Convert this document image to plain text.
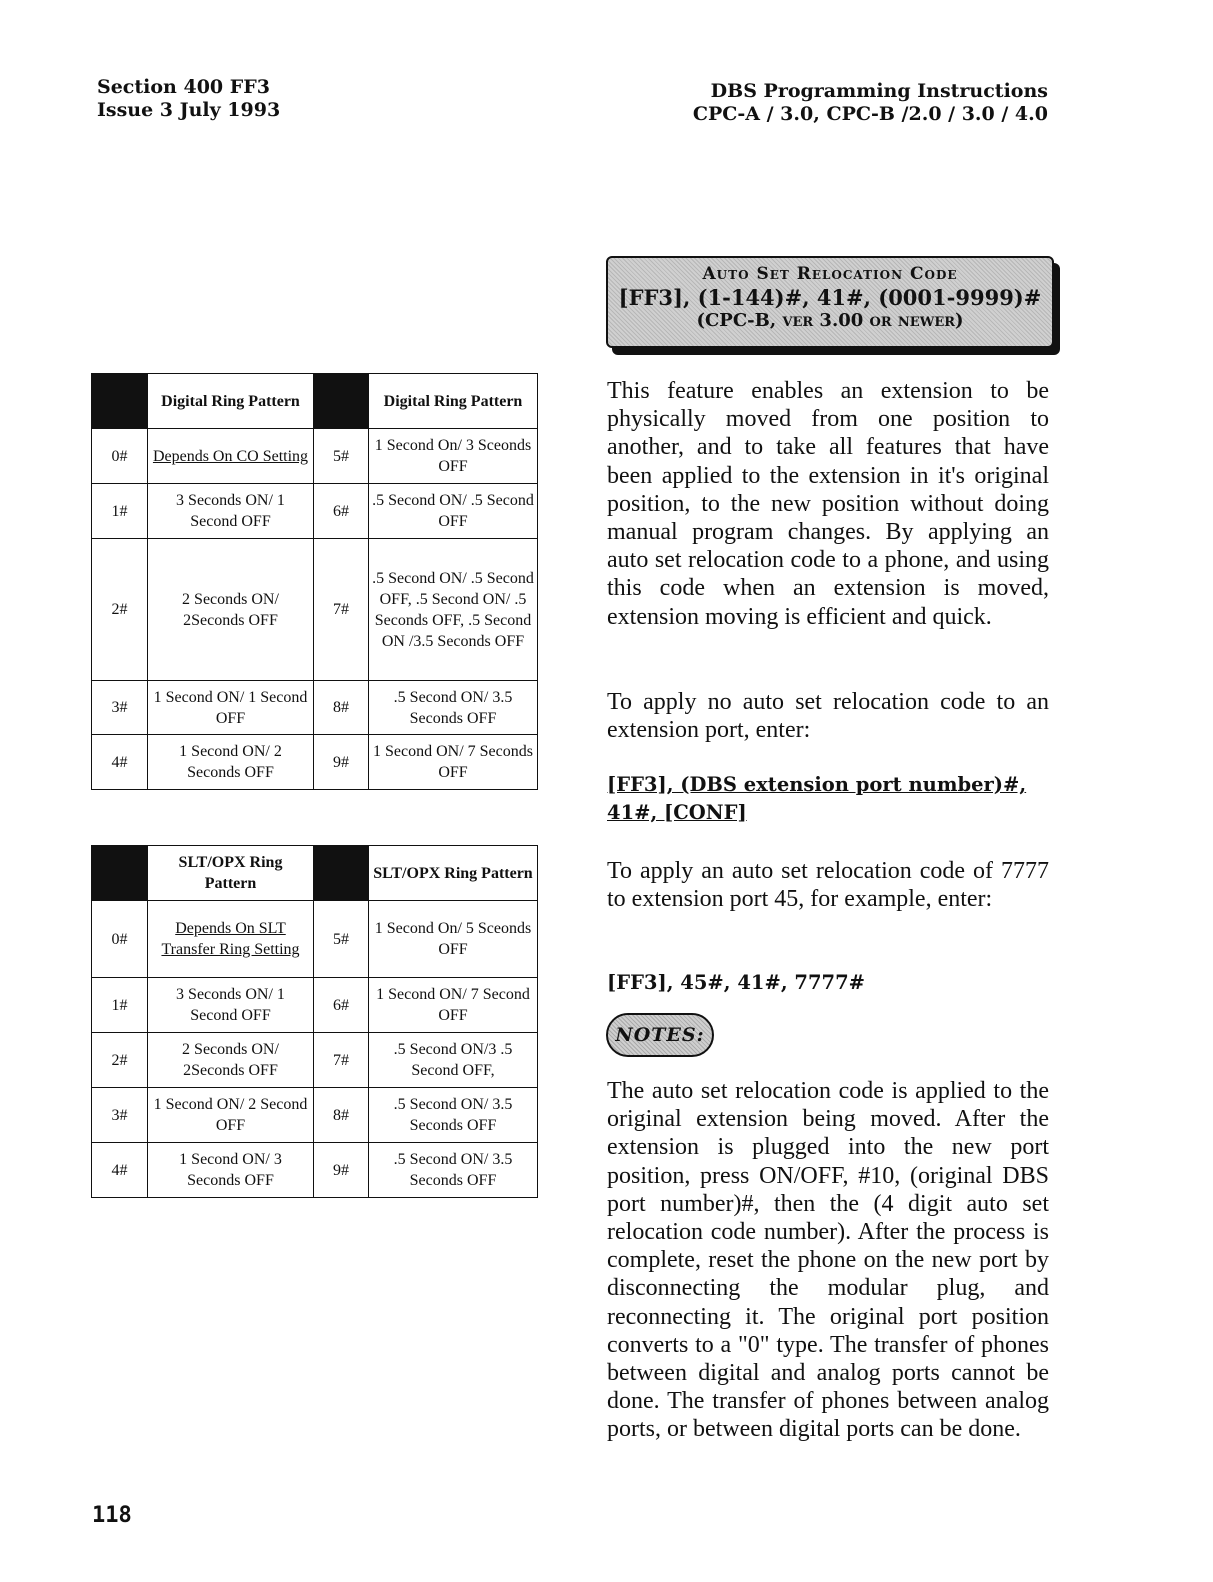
Section 400 FF3
Issue 3 July 1993
DBS Programming Instructions
CPC-A / 3.0, CPC-B /2.0 / 3.0 / 4.0
	Digital Ring Pattern		Digital Ring Pattern
0#	Depends On CO Setting	5#	1 Second On/ 3 Sceonds OFF
1#	3 Seconds ON/ 1 Second OFF	6#	.5 Second ON/ .5 Second OFF
2#	2 Seconds ON/ 2Seconds OFF	7#	.5 Second ON/ .5 Second OFF, .5 Second ON/ .5 Seconds OFF, .5 Second ON /3.5 Seconds OFF
3#	1 Second ON/ 1 Second OFF	8#	.5 Second ON/ 3.5 Seconds OFF
4#	1 Second ON/ 2 Seconds OFF	9#	1 Second ON/ 7 Seconds OFF
	SLT/OPX Ring Pattern		SLT/OPX Ring Pattern
0#	Depends On SLT Transfer Ring Setting	5#	1 Second On/ 5 Sceonds OFF
1#	3 Seconds ON/ 1 Second OFF	6#	1 Second ON/ 7 Second OFF
2#	2 Seconds ON/ 2Seconds OFF	7#	.5 Second ON/3 .5 Second OFF,
3#	1 Second ON/ 2 Second OFF	8#	.5 Second ON/ 3.5 Seconds OFF
4#	1 Second ON/ 3 Seconds OFF	9#	.5 Second ON/ 3.5 Seconds OFF
Auto Set Relocation Code
[FF3], (1-144)#, 41#, (0001-9999)#
(CPC-B, ver 3.00 or newer)
This feature enables an extension to be physically moved from one position to another, and to take all features that have been applied to the extension in it's original position, to the new position without doing manual program changes. By applying an auto set relocation code to a phone, and using this code when an extension is moved, extension moving is efficient and quick.
To apply no auto set relocation code to an extension port, enter:
[FF3], (DBS extension port number)#,
41#, [CONF]
To apply an auto set relocation code of 7777 to extension port 45, for example, enter:
[FF3], 45#, 41#, 7777#
NOTES:
The auto set relocation code is applied to the original extension being moved. After the extension is plugged into the new port position, press ON/OFF, #10, (original DBS port number)#, then the (4 digit auto set relocation code number). After the process is complete, reset the phone on the new port by disconnecting the modular plug, and reconnecting it. The original port position converts to a "0" type. The transfer of phones between digital and analog ports cannot be done. The transfer of phones between analog ports, or between digital ports can be done.
118
